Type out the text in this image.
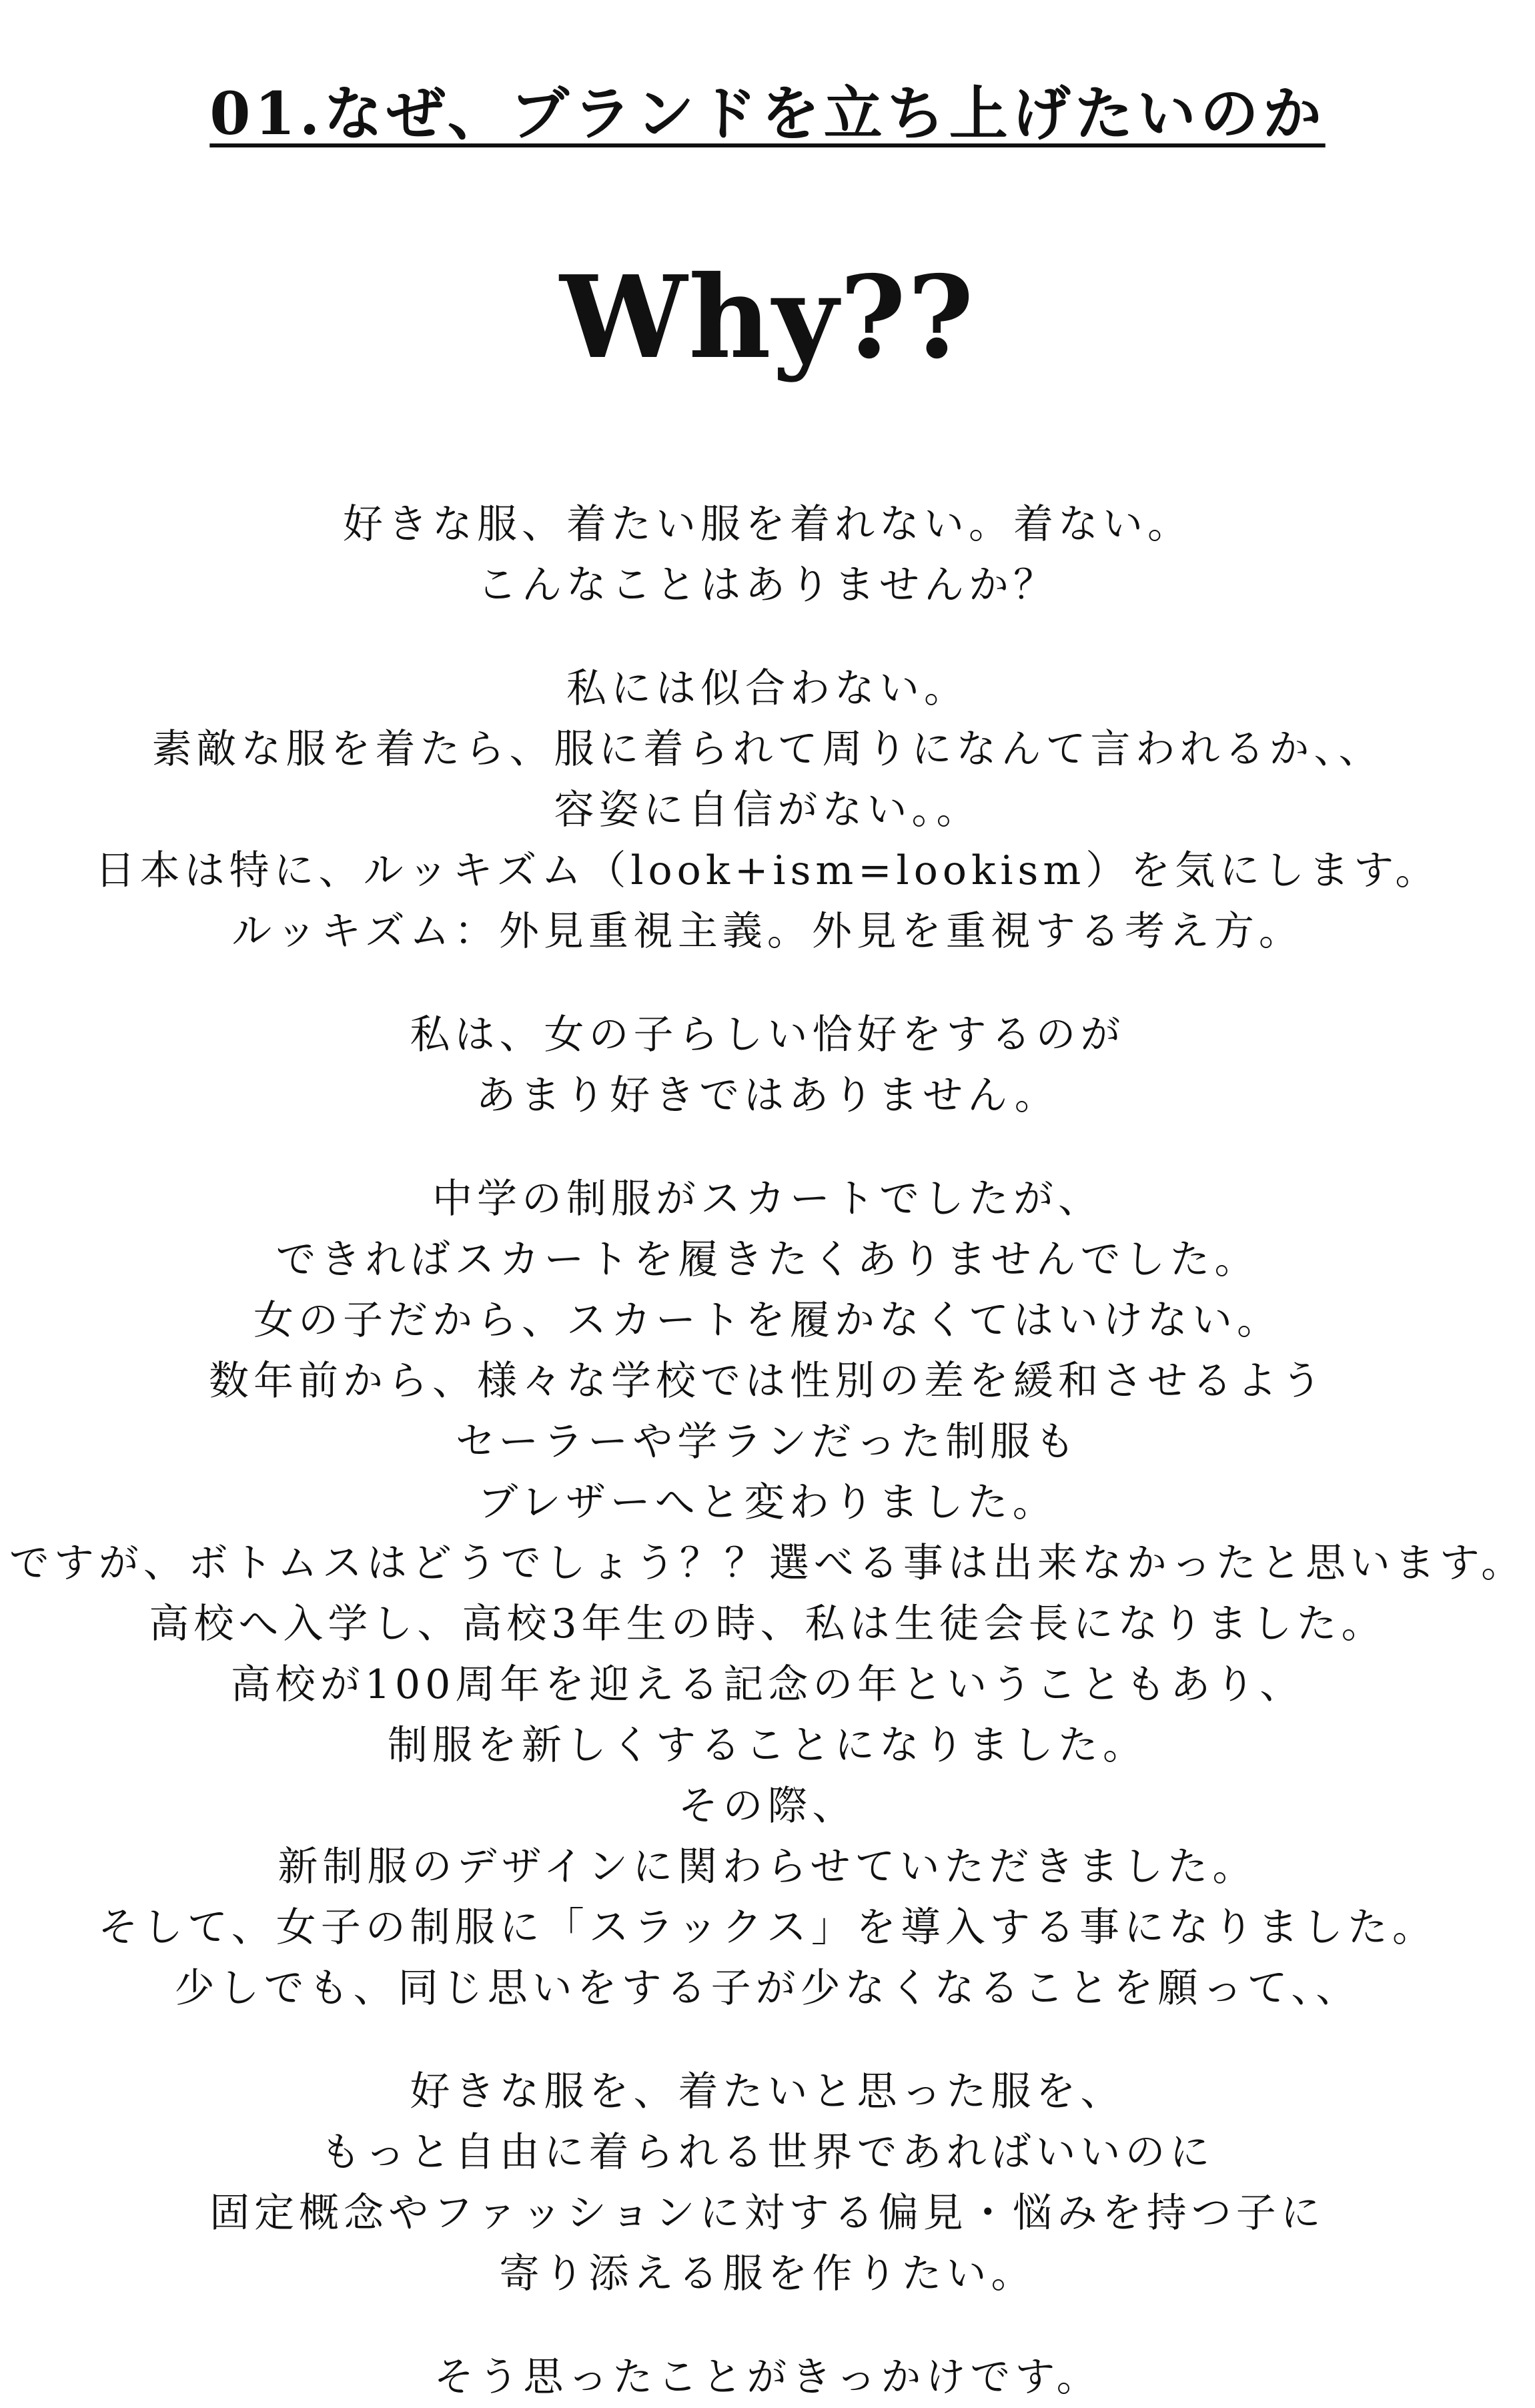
01.なぜ、ブランドを立ち上げたいのか
Why??
好きな服、着たい服を着れない。着ない。
こんなことはありませんか？
私には似合わない。
素敵な服を着たら、服に着られて周りになんて言われるか、、
容姿に自信がない。。
日本は特に、ルッキズム（look+ism=lookism）を気にします。
ルッキズム：外見重視主義。外見を重視する考え方。
私は、女の子らしい恰好をするのが
あまり好きではありません。
中学の制服がスカートでしたが、
できればスカートを履きたくありませんでした。
女の子だから、スカートを履かなくてはいけない。
数年前から、様々な学校では性別の差を緩和させるよう
セーラーや学ランだった制服も
ブレザーへと変わりました。
ですが、ボトムスはどうでしょう？？選べる事は出来なかったと思います。
高校へ入学し、高校3年生の時、私は生徒会長になりました。
高校が100周年を迎える記念の年ということもあり、
制服を新しくすることになりました。
その際、
新制服のデザインに関わらせていただきました。
そして、女子の制服に「スラックス」を導入する事になりました。
少しでも、同じ思いをする子が少なくなることを願って、、
好きな服を、着たいと思った服を、
もっと自由に着られる世界であればいいのに
固定概念やファッションに対する偏見・悩みを持つ子に
寄り添える服を作りたい。
そう思ったことがきっかけです。
